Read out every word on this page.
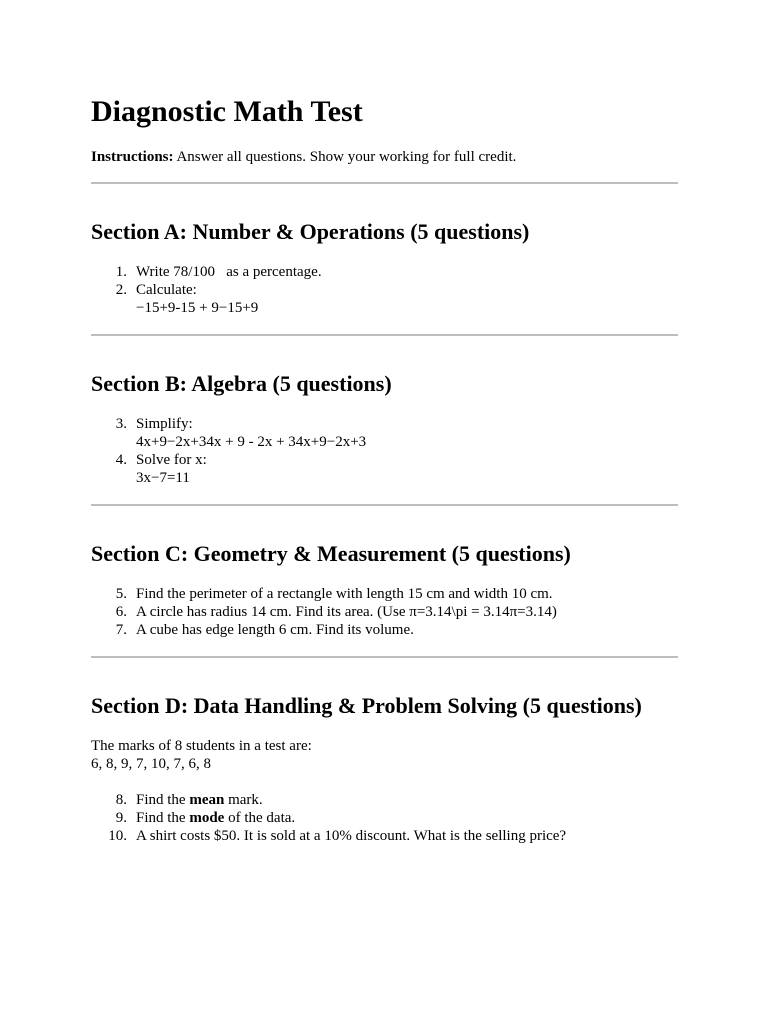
Diagnostic Math Test

Instructions: Answer all questions. Show your working for full credit.

Section A: Number & Operations (5 questions)
1. Write 78/100   as a percentage.
2. Calculate:
−15+9-15 + 9−15+9
Section B: Algebra (5 questions)
3. Simplify:
4x+9−2x+34x + 9 - 2x + 34x+9−2x+3
4. Solve for x:
3x−7=11
Section C: Geometry & Measurement (5 questions)
5. Find the perimeter of a rectangle with length 15 cm and width 10 cm.
6. A circle has radius 14 cm. Find its area. (Use π=3.14\pi = 3.14π=3.14)
7. A cube has edge length 6 cm. Find its volume.
Section D: Data Handling & Problem Solving (5 questions)

The marks of 8 students in a test are:

6, 8, 9, 7, 10, 7, 6, 8

8. Find the mean mark.
9. Find the mode of the data.
10. A shirt costs $50. It is sold at a 10% discount. What is the selling price?
